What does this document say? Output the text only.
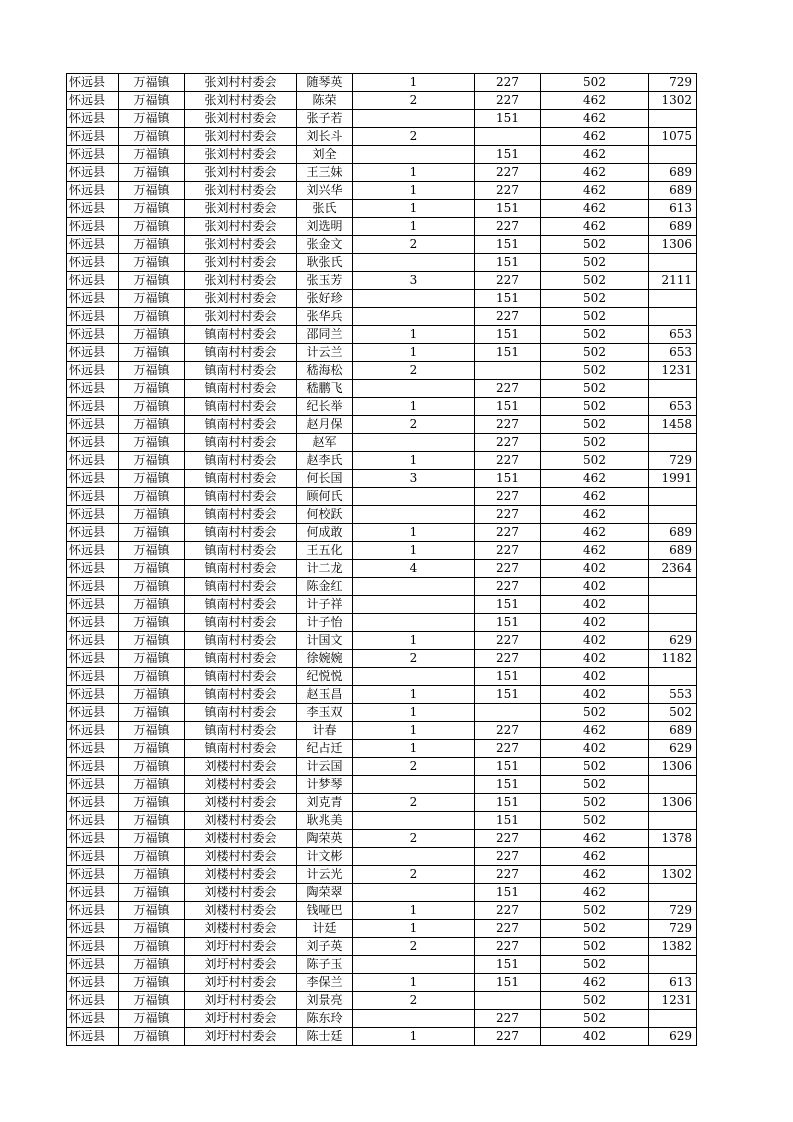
怀远县	万福镇	张刘村村委会	随琴英	1	227	502	729
怀远县	万福镇	张刘村村委会	陈荣	2	227	462	1302
怀远县	万福镇	张刘村村委会	张子若		151	462	
怀远县	万福镇	张刘村村委会	刘长斗	2		462	1075
怀远县	万福镇	张刘村村委会	刘全		151	462	
怀远县	万福镇	张刘村村委会	王三妹	1	227	462	689
怀远县	万福镇	张刘村村委会	刘兴华	1	227	462	689
怀远县	万福镇	张刘村村委会	张氏	1	151	462	613
怀远县	万福镇	张刘村村委会	刘选明	1	227	462	689
怀远县	万福镇	张刘村村委会	张金文	2	151	502	1306
怀远县	万福镇	张刘村村委会	耿张氏		151	502	
怀远县	万福镇	张刘村村委会	张玉芳	3	227	502	2111
怀远县	万福镇	张刘村村委会	张好珍		151	502	
怀远县	万福镇	张刘村村委会	张华兵		227	502	
怀远县	万福镇	镇南村村委会	邵同兰	1	151	502	653
怀远县	万福镇	镇南村村委会	计云兰	1	151	502	653
怀远县	万福镇	镇南村村委会	嵇海松	2		502	1231
怀远县	万福镇	镇南村村委会	嵇鹏飞		227	502	
怀远县	万福镇	镇南村村委会	纪长举	1	151	502	653
怀远县	万福镇	镇南村村委会	赵月保	2	227	502	1458
怀远县	万福镇	镇南村村委会	赵军		227	502	
怀远县	万福镇	镇南村村委会	赵李氏	1	227	502	729
怀远县	万福镇	镇南村村委会	何长国	3	151	462	1991
怀远县	万福镇	镇南村村委会	顾何氏		227	462	
怀远县	万福镇	镇南村村委会	何校跃		227	462	
怀远县	万福镇	镇南村村委会	何成敢	1	227	462	689
怀远县	万福镇	镇南村村委会	王五化	1	227	462	689
怀远县	万福镇	镇南村村委会	计二龙	4	227	402	2364
怀远县	万福镇	镇南村村委会	陈金红		227	402	
怀远县	万福镇	镇南村村委会	计子祥		151	402	
怀远县	万福镇	镇南村村委会	计子怡		151	402	
怀远县	万福镇	镇南村村委会	计国文	1	227	402	629
怀远县	万福镇	镇南村村委会	徐婉婉	2	227	402	1182
怀远县	万福镇	镇南村村委会	纪悦悦		151	402	
怀远县	万福镇	镇南村村委会	赵玉昌	1	151	402	553
怀远县	万福镇	镇南村村委会	李玉双	1		502	502
怀远县	万福镇	镇南村村委会	计春	1	227	462	689
怀远县	万福镇	镇南村村委会	纪占迁	1	227	402	629
怀远县	万福镇	刘楼村村委会	计云国	2	151	502	1306
怀远县	万福镇	刘楼村村委会	计梦琴		151	502	
怀远县	万福镇	刘楼村村委会	刘克青	2	151	502	1306
怀远县	万福镇	刘楼村村委会	耿兆美		151	502	
怀远县	万福镇	刘楼村村委会	陶荣英	2	227	462	1378
怀远县	万福镇	刘楼村村委会	计文彬		227	462	
怀远县	万福镇	刘楼村村委会	计云光	2	227	462	1302
怀远县	万福镇	刘楼村村委会	陶荣翠		151	462	
怀远县	万福镇	刘楼村村委会	钱哑巴	1	227	502	729
怀远县	万福镇	刘楼村村委会	计廷	1	227	502	729
怀远县	万福镇	刘圩村村委会	刘子英	2	227	502	1382
怀远县	万福镇	刘圩村村委会	陈子玉		151	502	
怀远县	万福镇	刘圩村村委会	李保兰	1	151	462	613
怀远县	万福镇	刘圩村村委会	刘景亮	2		502	1231
怀远县	万福镇	刘圩村村委会	陈东玲		227	502	
怀远县	万福镇	刘圩村村委会	陈士廷	1	227	402	629
